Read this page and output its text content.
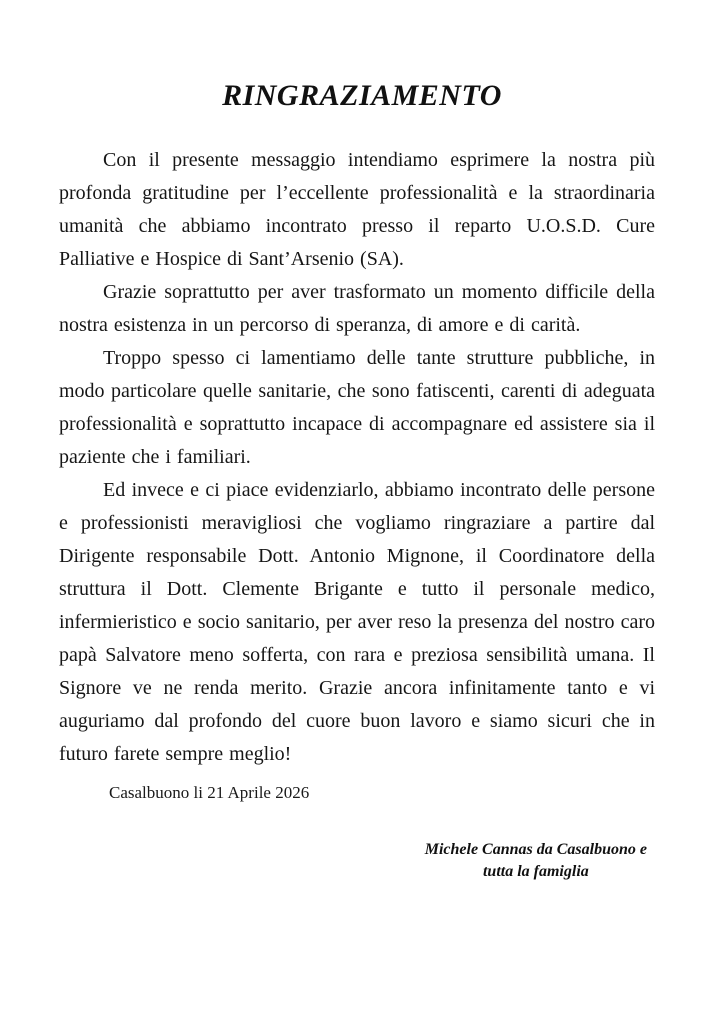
RINGRAZIAMENTO

Con il presente messaggio intendiamo esprimere la nostra più profonda gratitudine per l’eccellente professionalità e la straordinaria umanità che abbiamo incontrato presso il reparto U.O.S.D. Cure Palliative e Hospice di Sant’Arsenio (SA).

Grazie soprattutto per aver trasformato un momento difficile della nostra esistenza in un percorso di speranza, di amore e di carità.

Troppo spesso ci lamentiamo delle tante strutture pubbliche, in modo particolare quelle sanitarie, che sono fatiscenti, carenti di adeguata professionalità e soprattutto incapace di accompagnare ed assistere sia il paziente che i familiari.

Ed invece e ci piace evidenziarlo, abbiamo incontrato delle persone e professionisti meravigliosi che vogliamo ringraziare a partire dal Dirigente responsabile Dott. Antonio Mignone, il Coordinatore della struttura il Dott. Clemente Brigante e tutto il personale medico, infermieristico e socio sanitario, per aver reso la presenza del nostro caro papà Salvatore meno sofferta, con rara e preziosa sensibilità umana. Il Signore ve ne renda merito. Grazie ancora infinitamente tanto e vi auguriamo dal profondo del cuore buon lavoro e siamo sicuri che in futuro farete sempre meglio!

Casalbuono li 21 Aprile 2026
Michele Cannas da Casalbuono e
tutta la famiglia
